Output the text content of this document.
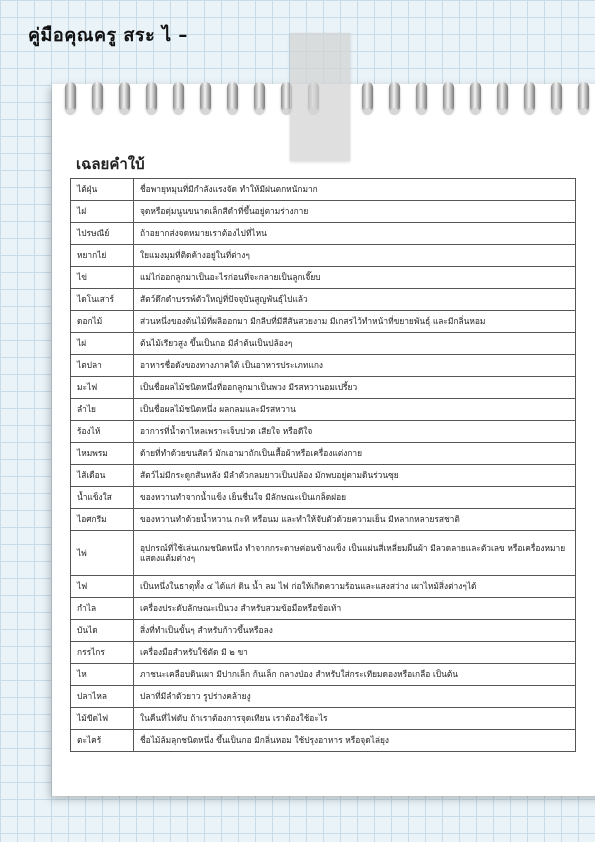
คู่มือคุณครู สระ ไ –
เฉลยคำใบ้
ไต้ฝุ่น	ชื่อพายุหมุนที่มีกำลังแรงจัด ทำให้มีฝนตกหนักมาก
ไฝ	จุดหรือตุ่มนูนขนาดเล็กสีดำที่ขึ้นอยู่ตามร่างกาย
ไปรษณีย์	ถ้าอยากส่งจดหมายเราต้องไปที่ไหน
หยากไย่	ใยแมงมุมที่ติดค้างอยู่ในที่ต่างๆ
ไข่	แม่ไก่ออกลูกมาเป็นอะไรก่อนที่จะกลายเป็นลูกเจี๊ยบ
ไดโนเสาร์	สัตว์ดึกดำบรรพ์ตัวใหญ่ที่ปัจจุบันสูญพันธุ์ไปแล้ว
ดอกไม้	ส่วนหนึ่งของต้นไม้ที่ผลิออกมา มีกลีบที่มีสีสันสวยงาม มีเกสรไว้ทำหน้าที่ขยายพันธุ์ และมีกลิ่นหอม
ไผ่	ต้นไม้เรียวสูง ขึ้นเป็นกอ มีลำต้นเป็นปล้องๆ
ไตปลา	อาหารชื่อดังของทางภาคใต้ เป็นอาหารประเภทแกง
มะไฟ	เป็นชื่อผลไม้ชนิดหนึ่งที่ออกลูกมาเป็นพวง มีรสหวานอมเปรี้ยว
ลำไย	เป็นชื่อผลไม้ชนิดหนึ่ง ผลกลมและมีรสหวาน
ร้องไห้	อาการที่น้ำตาไหลเพราะเจ็บปวด เสียใจ หรือดีใจ
ไหมพรม	ด้ายที่ทำด้วยขนสัตว์ มักเอามาถักเป็นเสื้อผ้าหรือเครื่องแต่งกาย
ไส้เดือน	สัตว์ไม่มีกระดูกสันหลัง มีลำตัวกลมยาวเป็นปล้อง มักพบอยู่ตามดินร่วนซุย
น้ำแข็งใส	ของหวานทำจากน้ำแข็ง เย็นชื่นใจ มีลักษณะเป็นเกล็ดฝอย
ไอศกรีม	ของหวานทำด้วยน้ำหวาน กะทิ หรือนม และทำให้จับตัวด้วยความเย็น มีหลากหลายรสชาติ
ไพ่	อุปกรณ์ที่ใช้เล่นเกมชนิดหนึ่ง ทำจากกระดาษค่อนข้างแข็ง เป็นแผ่นสี่เหลี่ยมผืนผ้า มีลวดลายและตัวเลข หรือเครื่องหมายแสดงแต้มต่างๆ
ไฟ	เป็นหนึ่งในธาตุทั้ง ๔ ได้แก่ ดิน น้ำ ลม ไฟ ก่อให้เกิดความร้อนและแสงสว่าง เผาไหม้สิ่งต่างๆได้
กำไล	เครื่องประดับลักษณะเป็นวง สำหรับสวมข้อมือหรือข้อเท้า
บันได	สิ่งที่ทำเป็นขั้นๆ สำหรับก้าวขึ้นหรือลง
กรรไกร	เครื่องมือสำหรับใช้ตัด มี ๒ ขา
ไห	ภาชนะเคลือบดินเผา มีปากเล็ก ก้นเล็ก กลางป่อง สำหรับใส่กระเทียมดองหรือเกลือ เป็นต้น
ปลาไหล	ปลาที่มีลำตัวยาว รูปร่างคล้ายงู
ไม้ขีดไฟ	ในคืนที่ไฟดับ ถ้าเราต้องการจุดเทียน เราต้องใช้อะไร
ตะไคร้	ชื่อไม้ล้มลุกชนิดหนึ่ง ขึ้นเป็นกอ มีกลิ่นหอม ใช้ปรุงอาหาร หรือจุดไล่ยุง
